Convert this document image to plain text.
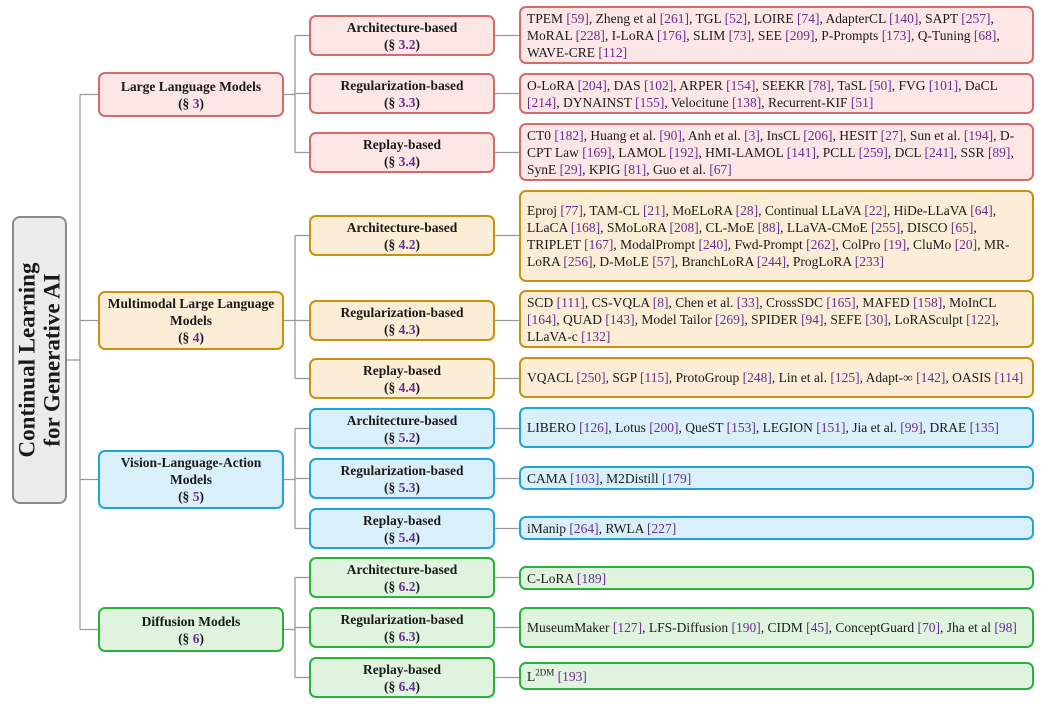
Continual Learning for Generative AI
Large Language Models
(§ 3)
Architecture-based
(§ 3.2)
TPEM [59], Zheng et al [261], TGL [52], LOIRE [74], AdapterCL [140], SAPT [257], MoRAL [228], I-LoRA [176], SLIM [73], SEE [209], P-Prompts [173], Q-Tuning [68], WAVE-CRE [112]
Regularization-based
(§ 3.3)
O-LoRA [204], DAS [102], ARPER [154], SEEKR [78], TaSL [50], FVG [101], DaCL [214], DYNAINST [155], Velocitune [138], Recurrent-KIF [51]
Replay-based
(§ 3.4)
CT0 [182], Huang et al. [90], Anh et al. [3], InsCL [206], HESIT [27], Sun et al. [194], D-CPT Law [169], LAMOL [192], HMI-LAMOL [141], PCLL [259], DCL [241], SSR [89], SynE [29], KPIG [81], Guo et al. [67]
Multimodal Large Language Models
(§ 4)
Architecture-based
(§ 4.2)
Eproj [77], TAM-CL [21], MoELoRA [28], Continual LLaVA [22], HiDe-LLaVA [64], LLaCA [168], SMoLoRA [208], CL-MoE [88], LLaVA-CMoE [255], DISCO [65], TRIPLET [167], ModalPrompt [240], Fwd-Prompt [262], ColPro [19], CluMo [20], MR-LoRA [256], D-MoLE [57], BranchLoRA [244], ProgLoRA [233]
Regularization-based
(§ 4.3)
SCD [111], CS-VQLA [8], Chen et al. [33], CrossSDC [165], MAFED [158], MoInCL [164], QUAD [143], Model Tailor [269], SPIDER [94], SEFE [30], LoRASculpt [122], LLaVA-c [132]
Replay-based
(§ 4.4)
VQACL [250], SGP [115], ProtoGroup [248], Lin et al. [125], Adapt-∞ [142], OASIS [114]
Vision-Language-Action Models
(§ 5)
Architecture-based
(§ 5.2)
LIBERO [126], Lotus [200], QueST [153], LEGION [151], Jia et al. [99], DRAE [135]
Regularization-based
(§ 5.3)
CAMA [103], M2Distill [179]
Replay-based
(§ 5.4)
iManip [264], RWLA [227]
Diffusion Models
(§ 6)
Architecture-based
(§ 6.2)
C-LoRA [189]
Regularization-based
(§ 6.3)
MuseumMaker [127], LFS-Diffusion [190], CIDM [45], ConceptGuard [70], Jha et al [98]
Replay-based
(§ 6.4)
$L^{2DM}$ [193]
